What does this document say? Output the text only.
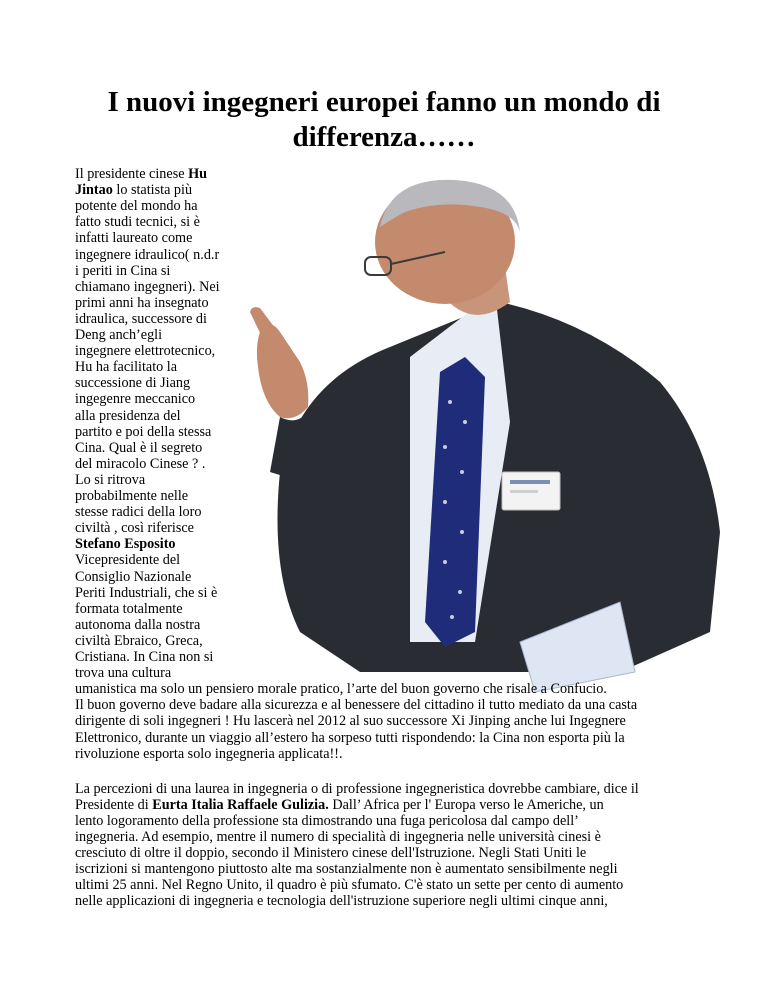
I nuovi ingegneri europei fanno un mondo di
differenza……
Il presidente cinese Hu
Jintao lo statista più
potente del mondo ha
fatto studi tecnici, si è
infatti laureato come
ingegnere idraulico( n.d.r
i periti in Cina si
chiamano ingegneri). Nei
primi anni ha insegnato
idraulica, successore di
Deng anch’egli
ingegnere elettrotecnico,
Hu ha facilitato la
successione di Jiang
ingegenre meccanico
alla presidenza del
partito e poi della stessa
Cina. Qual è il segreto
del miracolo Cinese ? .
Lo si ritrova
probabilmente nelle
stesse radici della loro
civiltà , così riferisce
Stefano Esposito
Vicepresidente del
Consiglio Nazionale
Periti Industriali, che si è
formata totalmente
autonoma dalla nostra
civiltà Ebraico, Greca,
Cristiana. In Cina non si
trova una cultura
umanistica ma solo un pensiero morale pratico, l’arte del buon governo che risale a Confucio.
Il buon governo deve badare alla sicurezza e al benessere del cittadino il tutto mediato da una casta
dirigente di soli ingegneri ! Hu lascerà nel 2012 al suo successore Xi Jinping anche lui Ingegnere
Elettronico, durante un viaggio all’estero ha sorpeso tutti rispondendo: la Cina non esporta più la
rivoluzione esporta solo ingegneria applicata!!.
La percezioni di una laurea in ingegneria o di professione ingegneristica dovrebbe cambiare, dice il
Presidente di Eurta Italia Raffaele Gulizia. Dall’ Africa per l' Europa verso le Americhe, un
lento logoramento della professione sta dimostrando una fuga pericolosa dal campo dell’
ingegneria. Ad esempio, mentre il numero di specialità di ingegneria nelle università cinesi è
cresciuto di oltre il doppio, secondo il Ministero cinese dell'Istruzione. Negli Stati Uniti le
iscrizioni si mantengono piuttosto alte ma sostanzialmente non è aumentato sensibilmente negli
ultimi 25 anni. Nel Regno Unito, il quadro è più sfumato. C'è stato un sette per cento di aumento
nelle applicazioni di ingegneria e tecnologia dell'istruzione superiore negli ultimi cinque anni,
